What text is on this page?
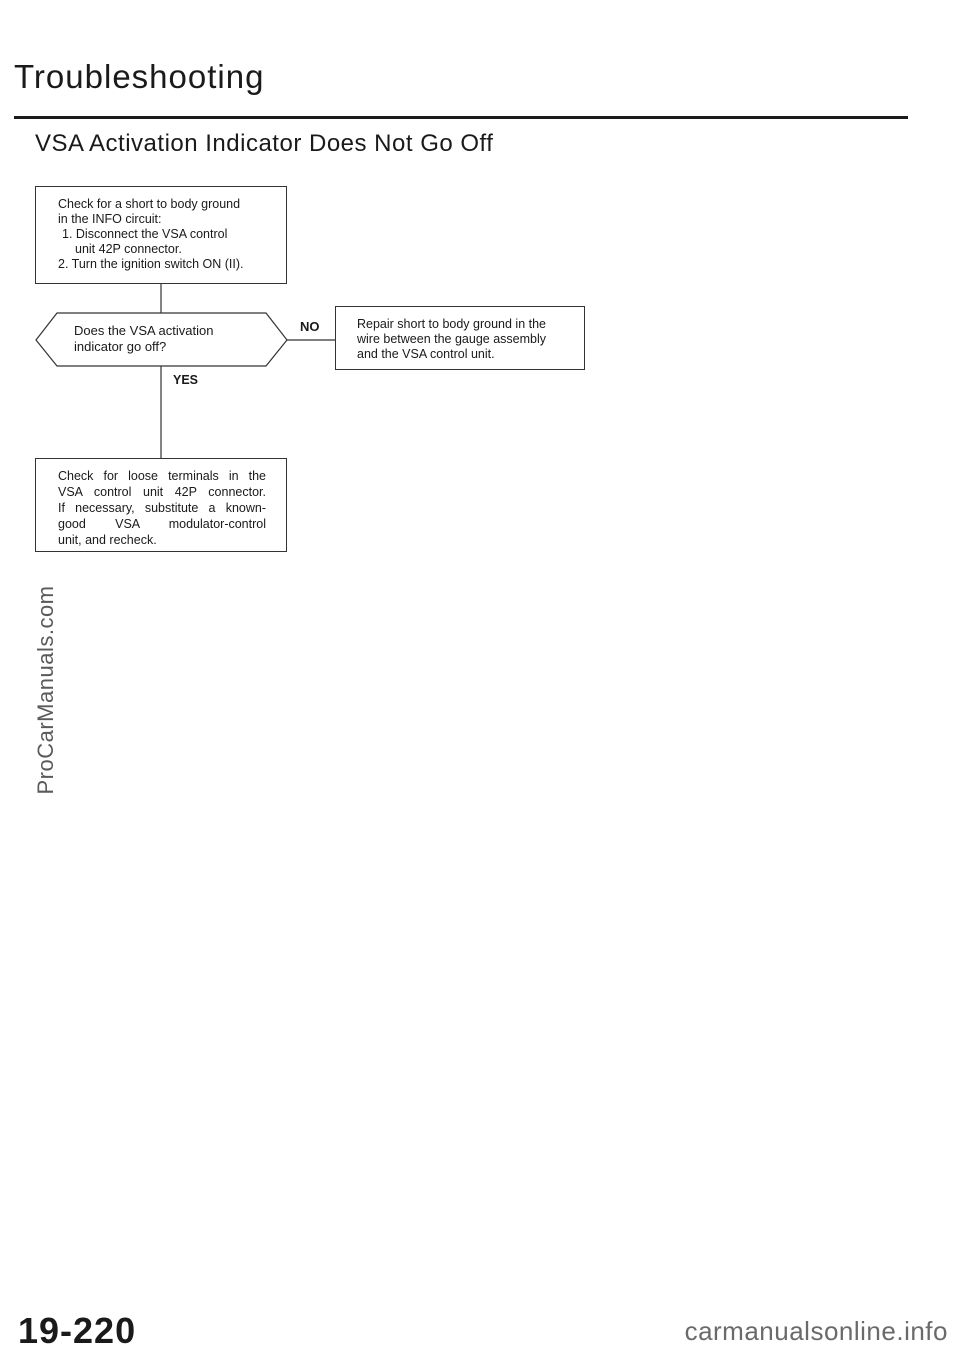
Troubleshooting
VSA Activation Indicator Does Not Go Off
Check for a short to body ground
in the INFO circuit:
1. Disconnect the VSA control
unit 42P connector.
2. Turn the ignition switch ON (II).
Does the VSA activation
indicator go off?
NO
YES
Repair short to body ground in the
wire between the gauge assembly
and the VSA control unit.
Check for loose terminals in the
VSA control unit 42P connector.
If necessary, substitute a known-
good VSA modulator-control
unit, and recheck.
ProCarManuals.com
19-220	carmanualsonline.info
